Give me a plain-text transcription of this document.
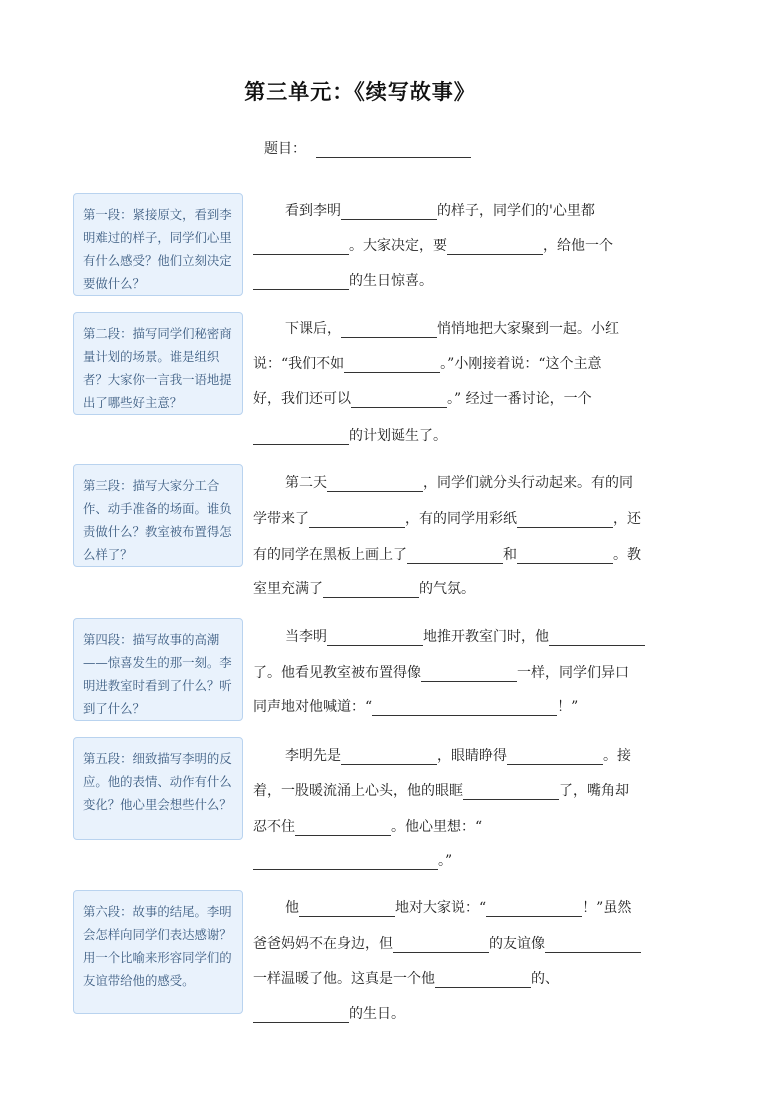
第三单元：《续写故事》
题目：
第一段：紧接原文，看到李明难过的样子，同学们心里有什么感受？他们立刻决定要做什么？
看到李明	的样子，同学们的'心里都
。大家决定，要	，给他一个
的生日惊喜。
第二段：描写同学们秘密商量计划的场景。谁是组织者？大家你一言我一语地提出了哪些好主意？
下课后，	悄悄地把大家聚到一起。小红
说：“我们不如	。”小刚接着说：“这个主意
好，我们还可以	。” 经过一番讨论，一个
的计划诞生了。
第三段：描写大家分工合作、动手准备的场面。谁负责做什么？教室被布置得怎么样了？
第二天	，同学们就分头行动起来。有的同
学带来了	，有的同学用彩纸	，还
有的同学在黑板上画上了	和	。教
室里充满了	的气氛。
第四段：描写故事的高潮——惊喜发生的那一刻。李明进教室时看到了什么？听到了什么？
当李明	地推开教室门时，他
了。他看见教室被布置得像	一样，同学们异口
同声地对他喊道：“	！”
第五段：细致描写李明的反应。他的表情、动作有什么变化？他心里会想些什么？
李明先是	，眼睛睁得	。接
着，一股暖流涌上心头，他的眼眶	了，嘴角却
忍不住	。他心里想：“
。”
第六段：故事的结尾。李明会怎样向同学们表达感谢？用一个比喻来形容同学们的友谊带给他的感受。
他	地对大家说：“	！”虽然
爸爸妈妈不在身边，但	的友谊像
一样温暖了他。这真是一个他	的、
的生日。
